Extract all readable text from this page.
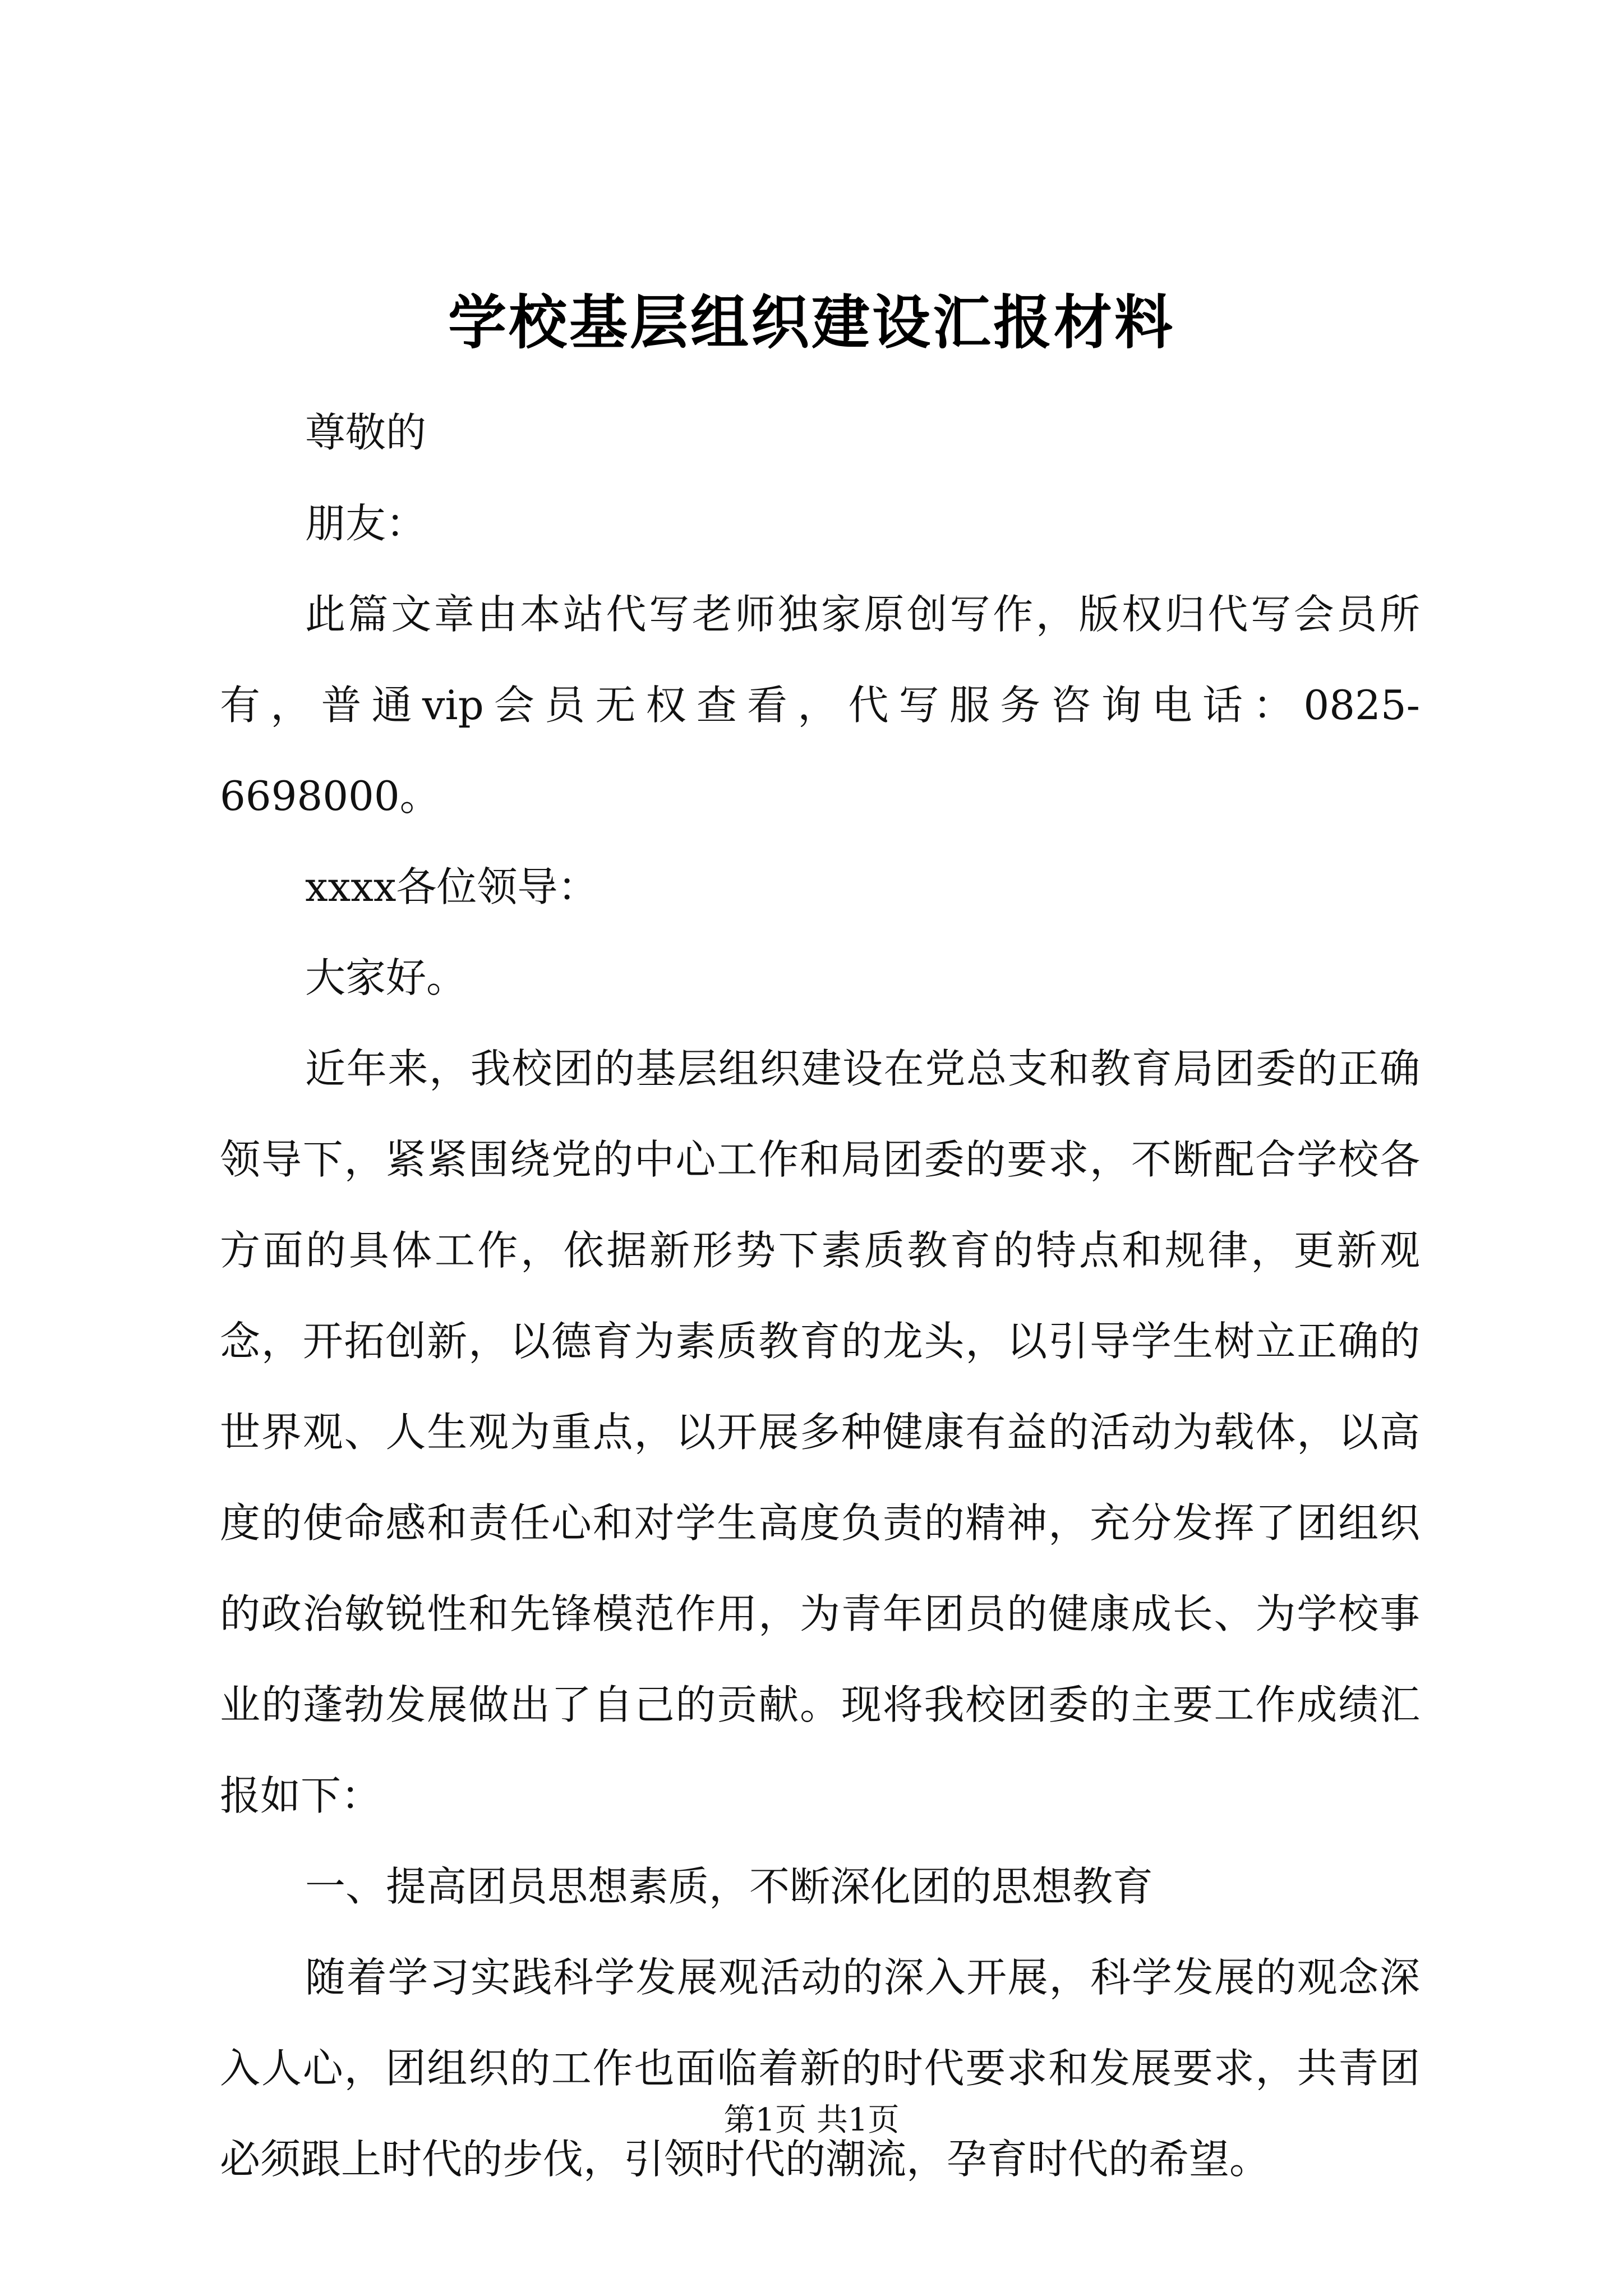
学校基层组织建设汇报材料

尊敬的

朋友：

此篇文章由本站代写老师独家原创写作，版权归代写会员所有，普通vip会员无权查看，代写服务咨询电话：0825-6698000。

xxxx各位领导：

大家好。

近年来，我校团的基层组织建设在党总支和教育局团委的正确领导下，紧紧围绕党的中心工作和局团委的要求，不断配合学校各方面的具体工作，依据新形势下素质教育的特点和规律，更新观念，开拓创新，以德育为素质教育的龙头，以引导学生树立正确的世界观、人生观为重点，以开展多种健康有益的活动为载体，以高度的使命感和责任心和对学生高度负责的精神，充分发挥了团组织的政治敏锐性和先锋模范作用，为青年团员的健康成长、为学校事业的蓬勃发展做出了自己的贡献。现将我校团委的主要工作成绩汇报如下：

一、提高团员思想素质，不断深化团的思想教育

随着学习实践科学发展观活动的深入开展，科学发展的观念深入人心，团组织的工作也面临着新的时代要求和发展要求，共青团必须跟上时代的步伐，引领时代的潮流，孕育时代的希望。

第1页 共1页
